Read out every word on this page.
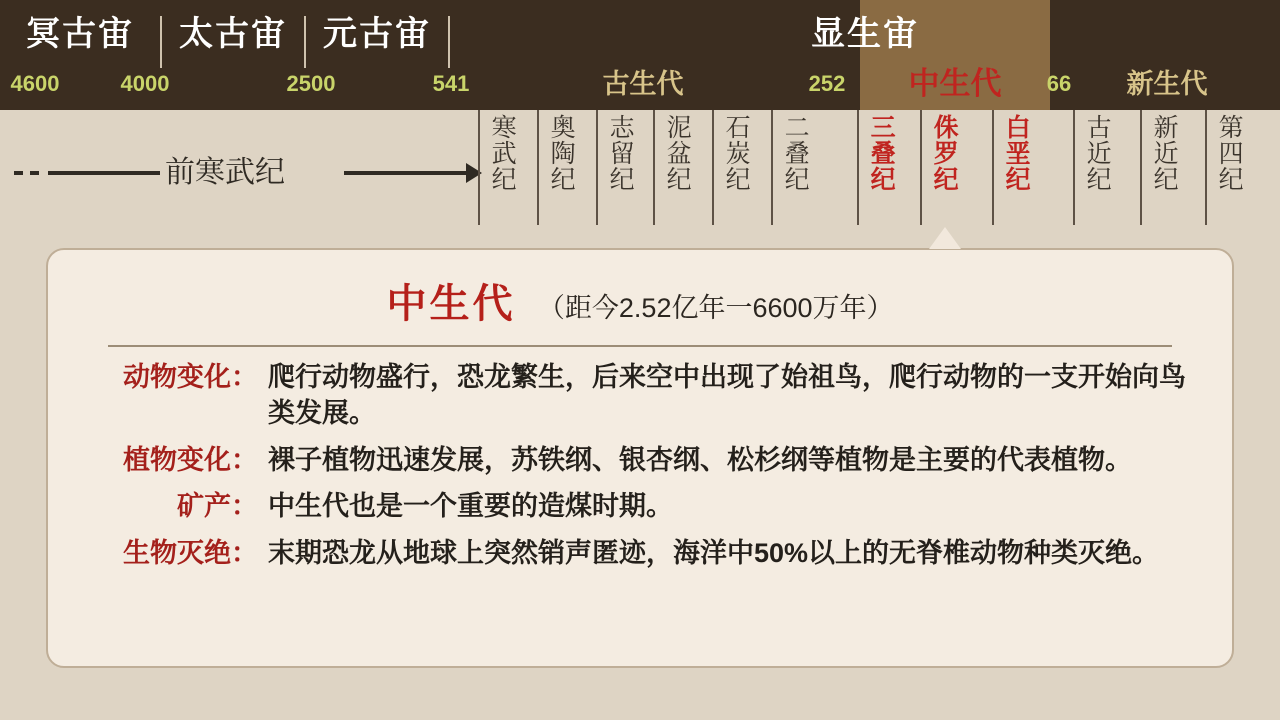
冥古宙	太古宙	元古宙	显生宙
古生代	中生代	新生代
4600	4000	2500	541	252	66
前寒武纪	寒武纪	奥陶纪	志留纪	泥盆纪	石炭纪	二叠纪	三叠纪	侏罗纪	白垩纪	古近纪	新近纪	第四纪
中生代 （距今2.52亿年一6600万年）
动物变化： 爬行动物盛行，恐龙繁生，后来空中出现了始祖鸟，爬行动物的一支开始向鸟类发展。
植物变化： 裸子植物迅速发展，苏铁纲、银杏纲、松杉纲等植物是主要的代表植物。
矿产： 中生代也是一个重要的造煤时期。
生物灭绝： 末期恐龙从地球上突然销声匿迹，海洋中50%以上的无脊椎动物种类灭绝。
